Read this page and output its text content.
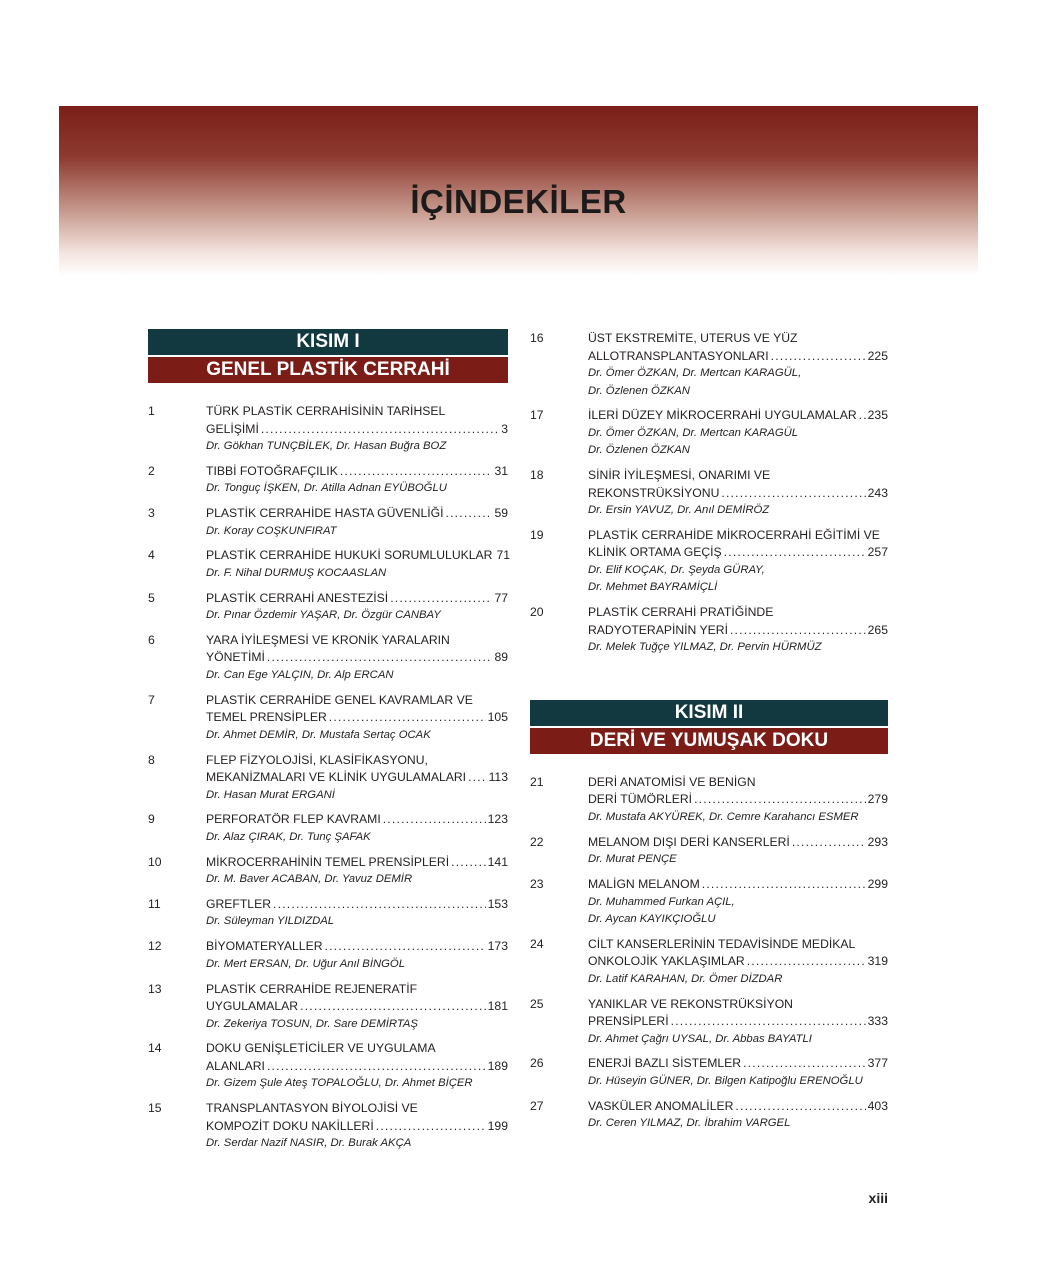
İÇİNDEKİLER
KISIM I
GENEL PLASTİK CERRAHİ
1	TÜRK PLASTİK CERRAHİSİNİN TARİHSEL
GELİŞİMİ .....	3
Dr. Gökhan TUNÇBİLEK, Dr. Hasan Buğra BOZ
2	TIBBİ FOTOĞRAFÇILIK .....	31
Dr. Tonguç İŞKEN, Dr. Atilla Adnan EYÜBOĞLU
3	PLASTİK CERRAHİDE HASTA GÜVENLİĞİ .....	59
Dr. Koray COŞKUNFIRAT
4	PLASTİK CERRAHİDE HUKUKİ SORUMLULUKLAR 71
Dr. F. Nihal DURMUŞ KOCAASLAN
5	PLASTİK CERRAHİ ANESTEZİSİ .....	77
Dr. Pınar Özdemir YAŞAR, Dr. Özgür CANBAY
6	YARA İYİLEŞMESİ VE KRONİK YARALARIN
YÖNETİMİ .....	89
Dr. Can Ege YALÇIN, Dr. Alp ERCAN
7	PLASTİK CERRAHİDE GENEL KAVRAMLAR VE
TEMEL PRENSİPLER .....	105
Dr. Ahmet DEMİR, Dr. Mustafa Sertaç OCAK
8	FLEP FİZYOLOJİSİ, KLASİFİKASYONU,
MEKANİZMALARI VE KLİNİK UYGULAMALARI ..... 113
Dr. Hasan Murat ERGANİ
9	PERFORATÖR FLEP KAVRAMI .....	123
Dr. Alaz ÇIRAK, Dr. Tunç ŞAFAK
10	MİKROCERRAHİNİN TEMEL PRENSİPLERİ .....	141
Dr. M. Baver ACABAN, Dr. Yavuz DEMİR
11	GREFTLER .....	153
Dr. Süleyman YILDIZDAL
12	BİYOMATERYALLER .....	173
Dr. Mert ERSAN, Dr. Uğur Anıl BİNGÖL
13	PLASTİK CERRAHİDE REJENERATİF
UYGULAMALAR .....	181
Dr. Zekeriya TOSUN, Dr. Sare DEMİRTAŞ
14	DOKU GENİŞLETİCİLER VE UYGULAMA
ALANLARI .....	189
Dr. Gizem Şule Ateş TOPALOĞLU, Dr. Ahmet BİÇER
15	TRANSPLANTASYON BİYOLOJİSİ VE
KOMPOZİT DOKU NAKİLLERİ .....	199
Dr. Serdar Nazif NASIR, Dr. Burak AKÇA
16	ÜST EKSTREMİTE, UTERUS VE YÜZ
ALLOTRANSPLANTASYONLARI .....	225
Dr. Ömer ÖZKAN, Dr. Mertcan KARAGÜL,
Dr. Özlenen ÖZKAN
17	İLERİ DÜZEY MİKROCERRAHİ UYGULAMALAR ..... 235
Dr. Ömer ÖZKAN, Dr. Mertcan KARAGÜL
Dr. Özlenen ÖZKAN
18	SİNİR İYİLEŞMESİ, ONARIMI VE
REKONSTRÜKSİYONU .....	243
Dr. Ersin YAVUZ, Dr. Anıl DEMİRÖZ
19	PLASTİK CERRAHİDE MİKROCERRAHİ EĞİTİMİ VE
KLİNİK ORTAMA GEÇİŞ .....	257
Dr. Elif KOÇAK, Dr. Şeyda GÜRAY,
Dr. Mehmet BAYRAMİÇLİ
20	PLASTİK CERRAHİ PRATİĞİNDE
RADYOTERAPİNİN YERİ .....	265
Dr. Melek Tuğçe YILMAZ, Dr. Pervin HÜRMÜZ
KISIM II
DERİ VE YUMUŞAK DOKU
21	DERİ ANATOMİSİ VE BENİGN
DERİ TÜMÖRLERİ .....	279
Dr. Mustafa AKYÜREK, Dr. Cemre Karahancı ESMER
22	MELANOM DIŞI DERİ KANSERLERİ .....	293
Dr. Murat PENÇE
23	MALİGN MELANOM .....	299
Dr. Muhammed Furkan AÇIL,
Dr. Aycan KAYIKÇIOĞLU
24	CİLT KANSERLERİNİN TEDAVİSİNDE MEDİKAL
ONKOLOJİK YAKLAŞIMLAR .....	319
Dr. Latif KARAHAN, Dr. Ömer DİZDAR
25	YANIKLAR VE REKONSTRÜKSİYON
PRENSİPLERİ .....	333
Dr. Ahmet Çağrı UYSAL, Dr. Abbas BAYATLI
26	ENERJİ BAZLI SİSTEMLER .....	377
Dr. Hüseyin GÜNER, Dr. Bilgen Katipoğlu ERENOĞLU
27	VASKÜLER ANOMALİLER .....	403
Dr. Ceren YILMAZ, Dr. İbrahim VARGEL
xiii
